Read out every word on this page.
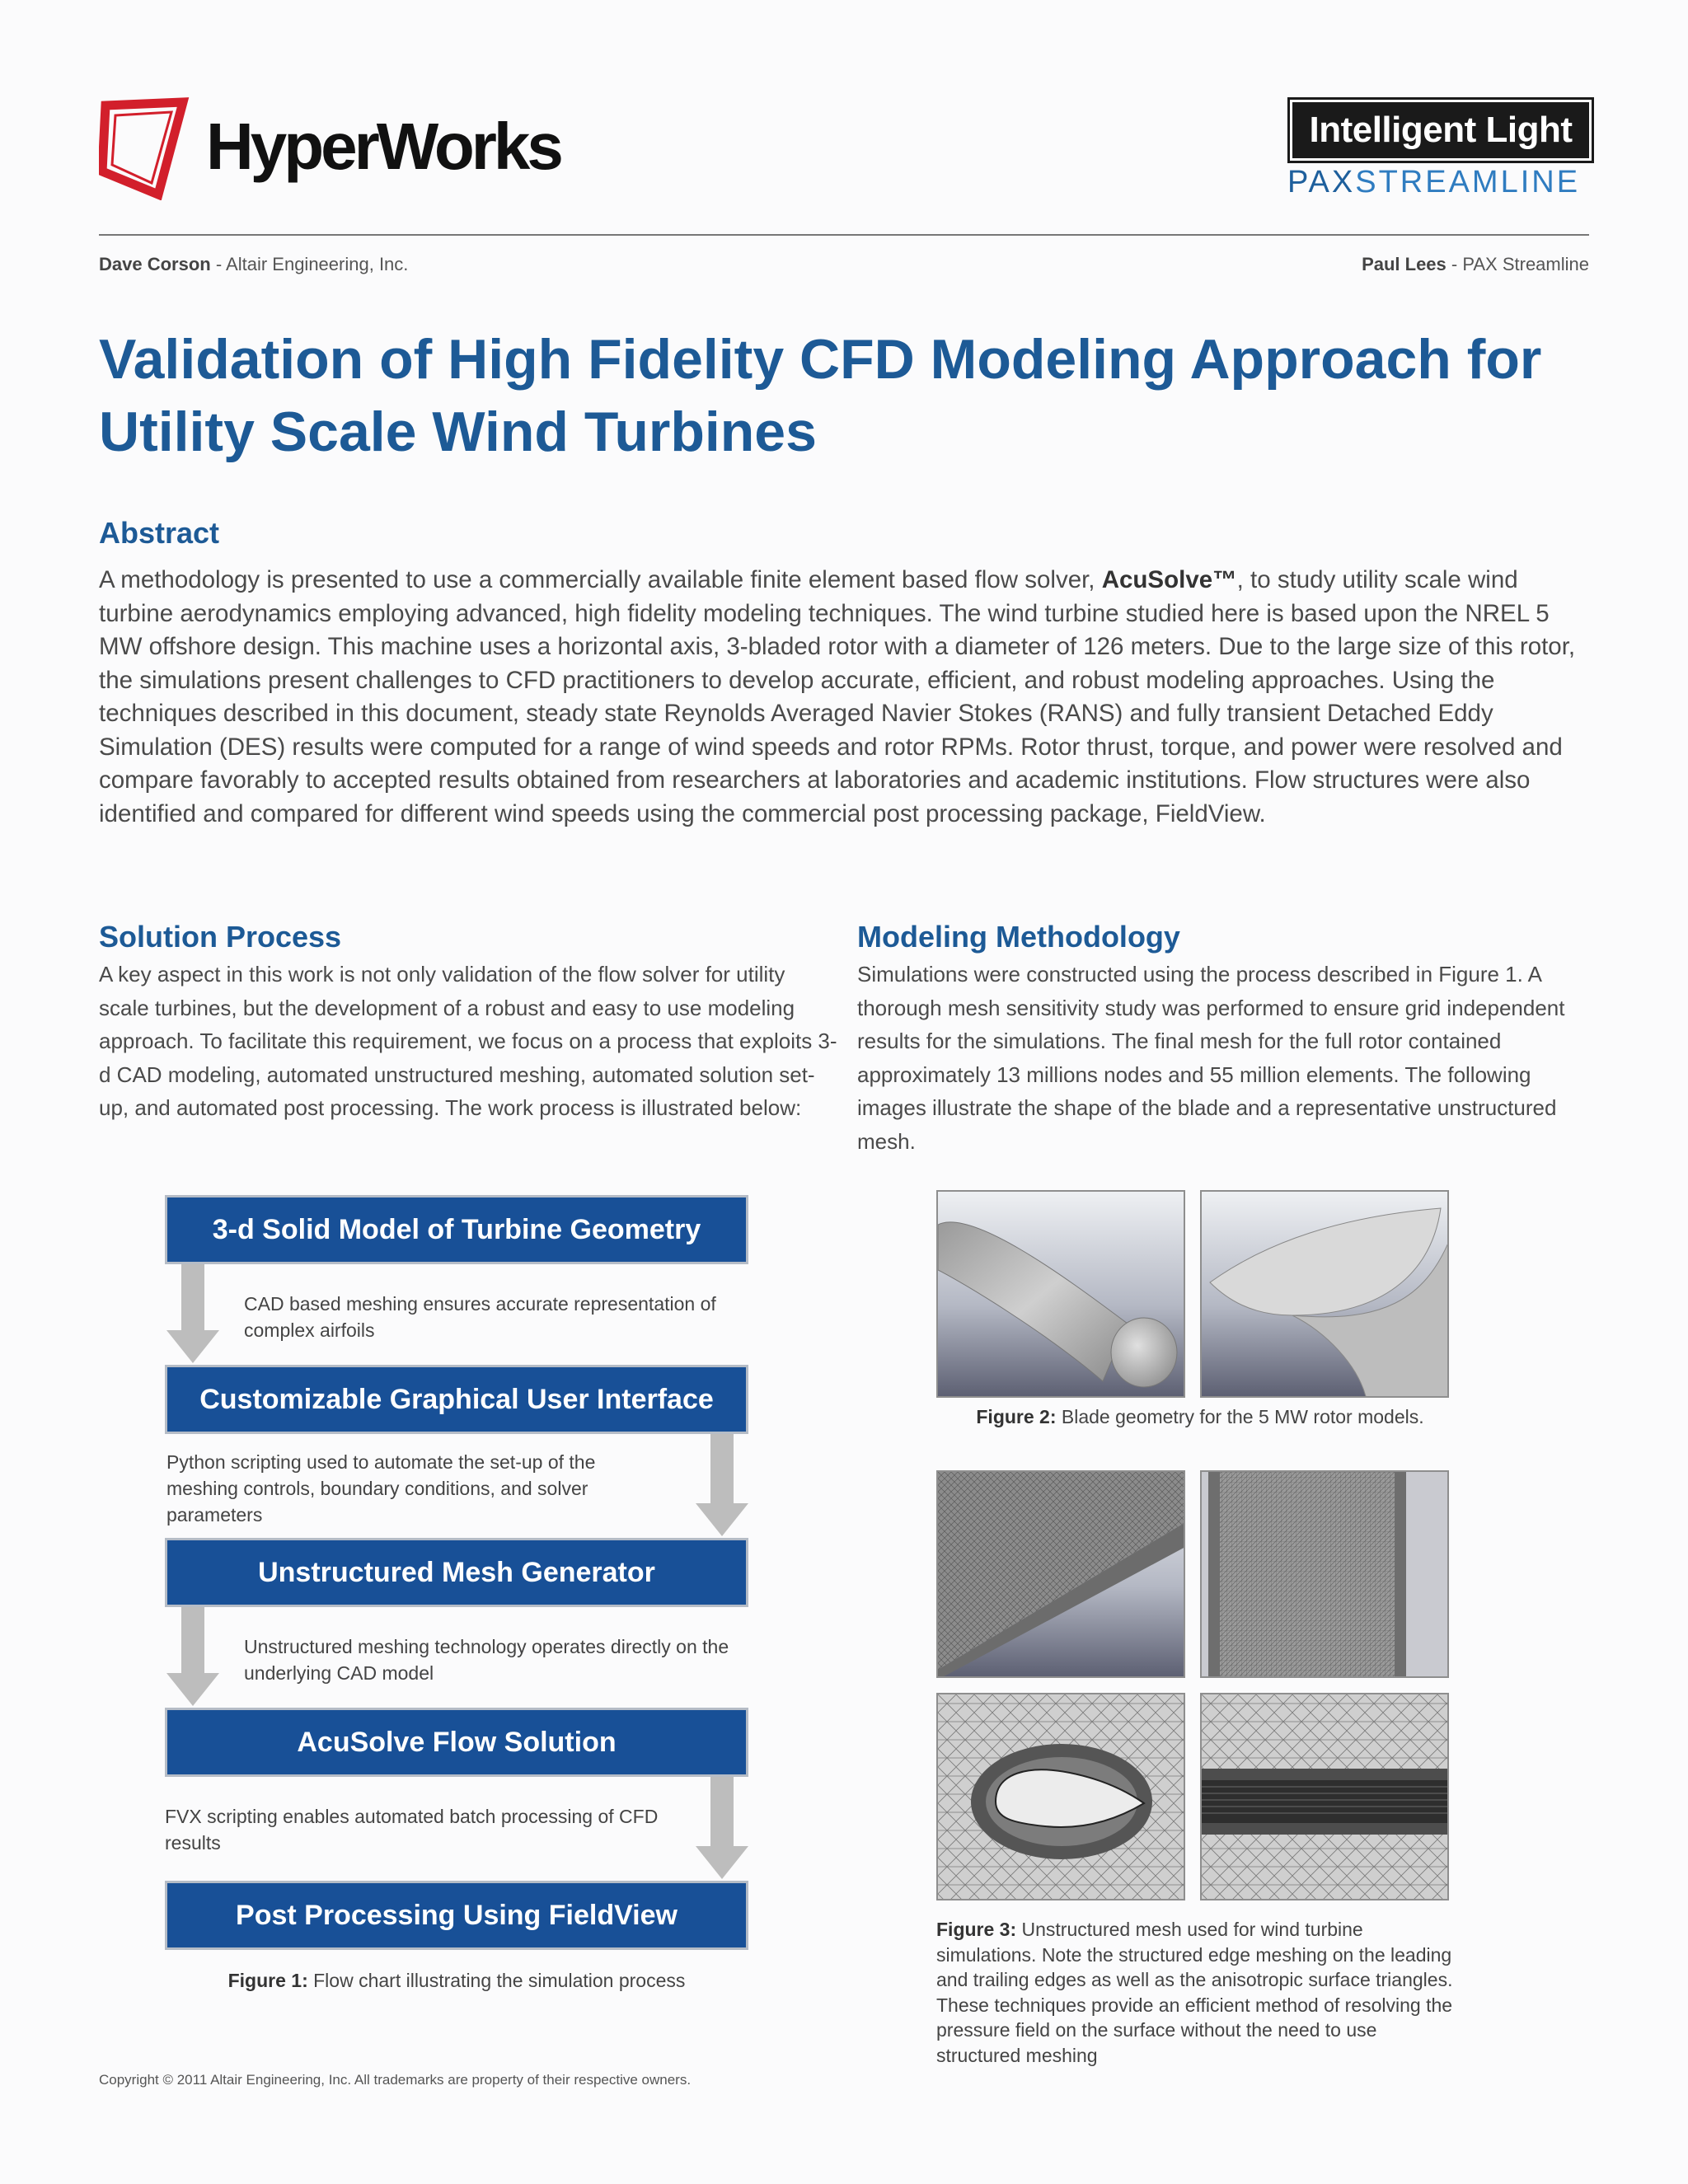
HyperWorks	Intelligent Light
PAXSTREAMLINE
Dave Corson - Altair Engineering, Inc.	Paul Lees - PAX Streamline
Validation of High Fidelity CFD Modeling Approach for
Utility Scale Wind Turbines
Abstract

A methodology is presented to use a commercially available finite element based flow solver, AcuSolve™, to study utility scale wind turbine aerodynamics employing advanced, high fidelity modeling techniques. The wind turbine studied here is based upon the NREL 5 MW offshore design. This machine uses a horizontal axis, 3-bladed rotor with a diameter of 126 meters. Due to the large size of this rotor, the simulations present challenges to CFD practitioners to develop accurate, efficient, and robust modeling approaches. Using the techniques described in this document, steady state Reynolds Averaged Navier Stokes (RANS) and fully transient Detached Eddy Simulation (DES) results were computed for a range of wind speeds and rotor RPMs. Rotor thrust, torque, and power were resolved and compare favorably to accepted results obtained from researchers at laboratories and academic institutions. Flow structures were also identified and compared for different wind speeds using the commercial post processing package, FieldView.

Solution Process

A key aspect in this work is not only validation of the flow solver for utility scale turbines, but the development of a robust and easy to use modeling approach. To facilitate this requirement, we focus on a process that exploits 3-d CAD modeling, automated unstructured meshing, automated solution set-up, and automated post processing. The work process is illustrated below:

Modeling Methodology

Simulations were constructed using the process described in Figure 1. A thorough mesh sensitivity study was performed to ensure grid independent results for the simulations. The final mesh for the full rotor contained approximately 13 millions nodes and 55 million elements. The following images illustrate the shape of the blade and a representative unstructured mesh.

3-d Solid Model of Turbine Geometry
CAD based meshing ensures accurate representation of complex airfoils
Customizable Graphical User Interface
Python scripting used to automate the set-up of the meshing controls, boundary conditions, and solver parameters
Unstructured Mesh Generator
Unstructured meshing technology operates directly on the underlying CAD model
AcuSolve Flow Solution
FVX scripting enables automated batch processing of CFD results
Post Processing Using FieldView
Figure 1: Flow chart illustrating the simulation process
Figure 2: Blade geometry for the 5 MW rotor models.
Figure 3: Unstructured mesh used for wind turbine simulations. Note the structured edge meshing on the leading and trailing edges as well as the anisotropic surface triangles. These techniques provide an efficient method of resolving the pressure field on the surface without the need to use structured meshing
Copyright © 2011 Altair Engineering, Inc. All trademarks are property of their respective owners.
